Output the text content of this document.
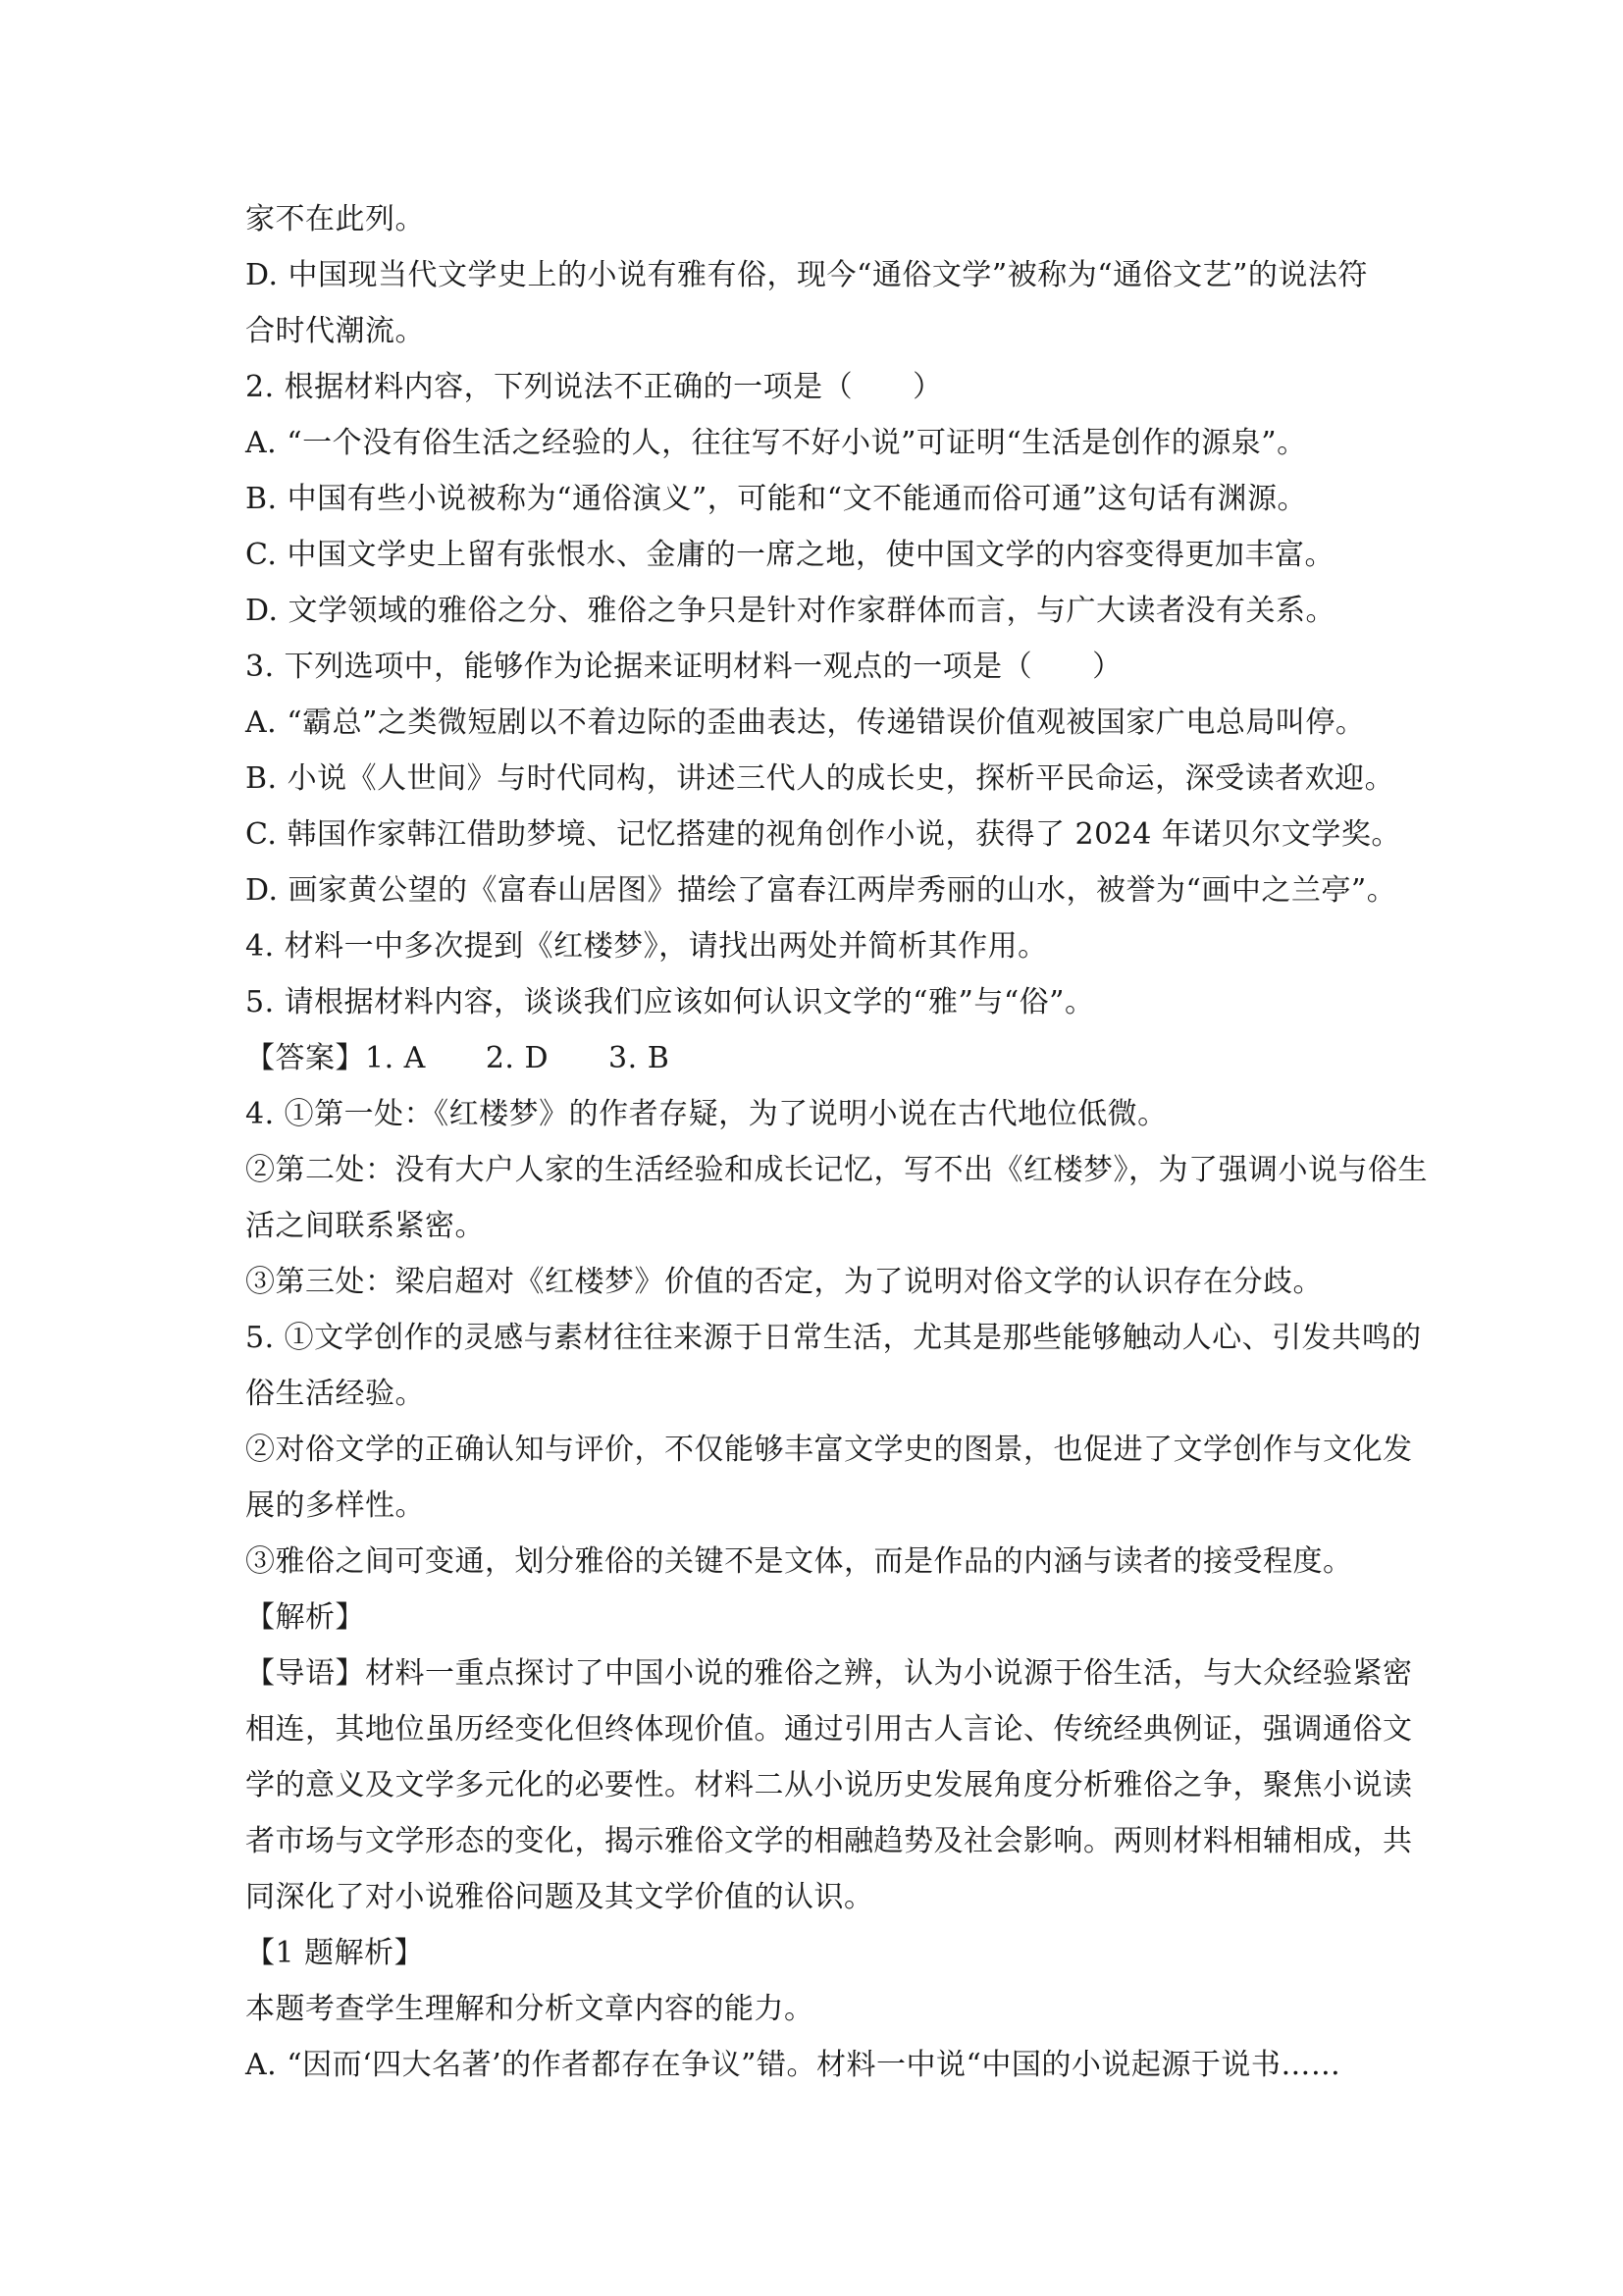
家不在此列。
D. 中国现当代文学史上的小说有雅有俗，现今“通俗文学”被称为“通俗文艺”的说法符
合时代潮流。
2. 根据材料内容，下列说法不正确的一项是（　　）
A. “一个没有俗生活之经验的人，往往写不好小说”可证明“生活是创作的源泉”。
B. 中国有些小说被称为“通俗演义”，可能和“文不能通而俗可通”这句话有渊源。
C. 中国文学史上留有张恨水、金庸的一席之地，使中国文学的内容变得更加丰富。
D. 文学领域的雅俗之分、雅俗之争只是针对作家群体而言，与广大读者没有关系。
3. 下列选项中，能够作为论据来证明材料一观点的一项是（　　）
A. “霸总”之类微短剧以不着边际的歪曲表达，传递错误价值观被国家广电总局叫停。
B. 小说《人世间》与时代同构，讲述三代人的成长史，探析平民命运，深受读者欢迎。
C. 韩国作家韩江借助梦境、记忆搭建的视角创作小说，获得了 2024 年诺贝尔文学奖。
D. 画家黄公望的《富春山居图》描绘了富春江两岸秀丽的山水，被誉为“画中之兰亭”。
4. 材料一中多次提到《红楼梦》，请找出两处并简析其作用。
5. 请根据材料内容，谈谈我们应该如何认识文学的“雅”与“俗”。
【答案】1. A　　2. D　　3. B
4. ①第一处：《红楼梦》的作者存疑，为了说明小说在古代地位低微。
②第二处：没有大户人家的生活经验和成长记忆，写不出《红楼梦》，为了强调小说与俗生
活之间联系紧密。
③第三处：梁启超对《红楼梦》价值的否定，为了说明对俗文学的认识存在分歧。
5. ①文学创作的灵感与素材往往来源于日常生活，尤其是那些能够触动人心、引发共鸣的
俗生活经验。
②对俗文学的正确认知与评价，不仅能够丰富文学史的图景，也促进了文学创作与文化发
展的多样性。
③雅俗之间可变通，划分雅俗的关键不是文体，而是作品的内涵与读者的接受程度。
【解析】
【导语】材料一重点探讨了中国小说的雅俗之辨，认为小说源于俗生活，与大众经验紧密
相连，其地位虽历经变化但终体现价值。通过引用古人言论、传统经典例证，强调通俗文
学的意义及文学多元化的必要性。材料二从小说历史发展角度分析雅俗之争，聚焦小说读
者市场与文学形态的变化，揭示雅俗文学的相融趋势及社会影响。两则材料相辅相成，共
同深化了对小说雅俗问题及其文学价值的认识。
【1 题解析】
本题考查学生理解和分析文章内容的能力。
A. “因而‘四大名著’的作者都存在争议”错。材料一中说“中国的小说起源于说书……
